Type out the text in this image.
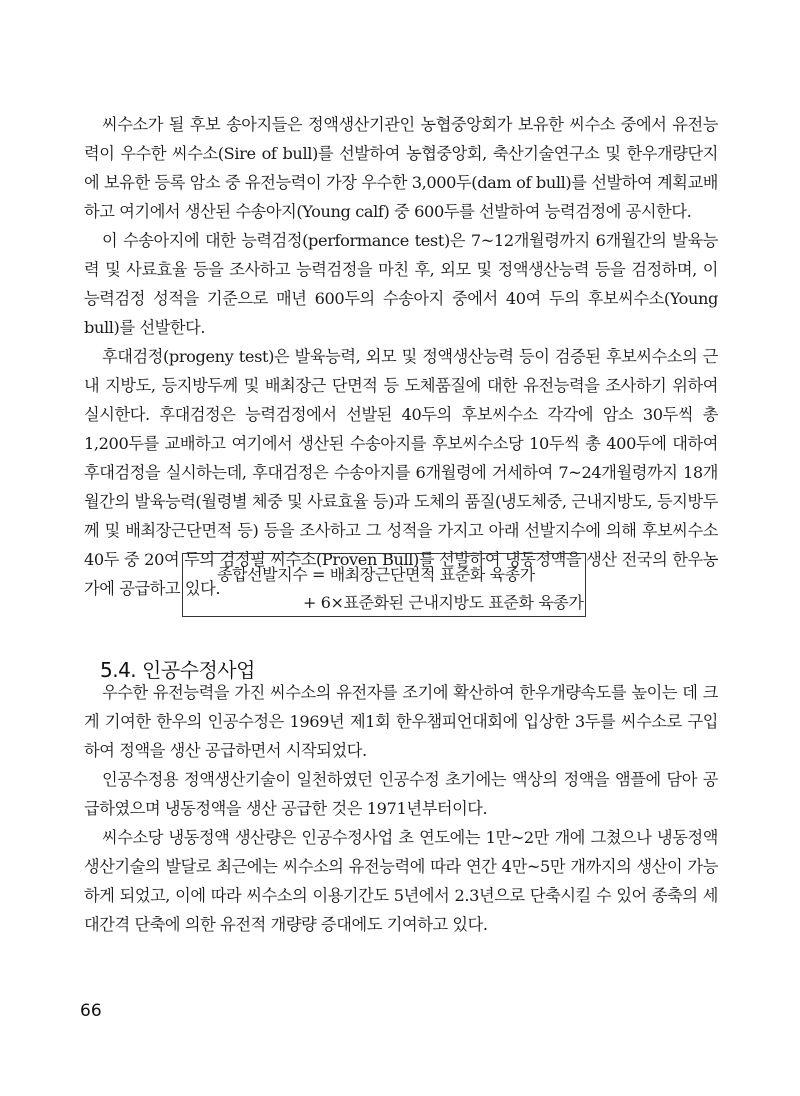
씨수소가 될 후보 송아지들은 정액생산기관인 농협중앙회가 보유한 씨수소 중에서 유전능력이 우수한 씨수소(Sire of bull)를 선발하여 농협중앙회, 축산기술연구소 및 한우개량단지에 보유한 등록 암소 중 유전능력이 가장 우수한 3,000두(dam of bull)를 선발하여 계획교배하고 여기에서 생산된 수송아지(Young calf) 중 600두를 선발하여 능력검정에 공시한다.

이 수송아지에 대한 능력검정(performance test)은 7~12개월령까지 6개월간의 발육능력 및 사료효율 등을 조사하고 능력검정을 마친 후, 외모 및 정액생산능력 등을 검정하며, 이 능력검정 성적을 기준으로 매년 600두의 수송아지 중에서 40여 두의 후보씨수소(Young bull)를 선발한다.

후대검정(progeny test)은 발육능력, 외모 및 정액생산능력 등이 검증된 후보씨수소의 근내 지방도, 등지방두께 및 배최장근 단면적 등 도체품질에 대한 유전능력을 조사하기 위하여 실시한다. 후대검정은 능력검정에서 선발된 40두의 후보씨수소 각각에 암소 30두씩 총 1,200두를 교배하고 여기에서 생산된 수송아지를 후보씨수소당 10두씩 총 400두에 대하여 후대검정을 실시하는데, 후대검정은 수송아지를 6개월령에 거세하여 7~24개월령까지 18개월간의 발육능력(월령별 체중 및 사료효율 등)과 도체의 품질(냉도체중, 근내지방도, 등지방두께 및 배최장근단면적 등) 등을 조사하고 그 성적을 가지고 아래 선발지수에 의해 후보씨수소 40두 중 20여 두의 검정필 씨수소(Proven Bull)를 선발하여 냉동정액을 생산 전국의 한우농가에 공급하고 있다.

종합선발지수 = 배최장근단면적 표준화 육종가
+ 6×표준화된 근내지방도 표준화 육종가
5.4. 인공수정사업

우수한 유전능력을 가진 씨수소의 유전자를 조기에 확산하여 한우개량속도를 높이는 데 크게 기여한 한우의 인공수정은 1969년 제1회 한우챔피언대회에 입상한 3두를 씨수소로 구입하여 정액을 생산 공급하면서 시작되었다.

인공수정용 정액생산기술이 일천하였던 인공수정 초기에는 액상의 정액을 앰플에 담아 공급하였으며 냉동정액을 생산 공급한 것은 1971년부터이다.

씨수소당 냉동정액 생산량은 인공수정사업 초 연도에는 1만~2만 개에 그쳤으나 냉동정액 생산기술의 발달로 최근에는 씨수소의 유전능력에 따라 연간 4만~5만 개까지의 생산이 가능하게 되었고, 이에 따라 씨수소의 이용기간도 5년에서 2.3년으로 단축시킬 수 있어 종축의 세대간격 단축에 의한 유전적 개량량 증대에도 기여하고 있다.

66
